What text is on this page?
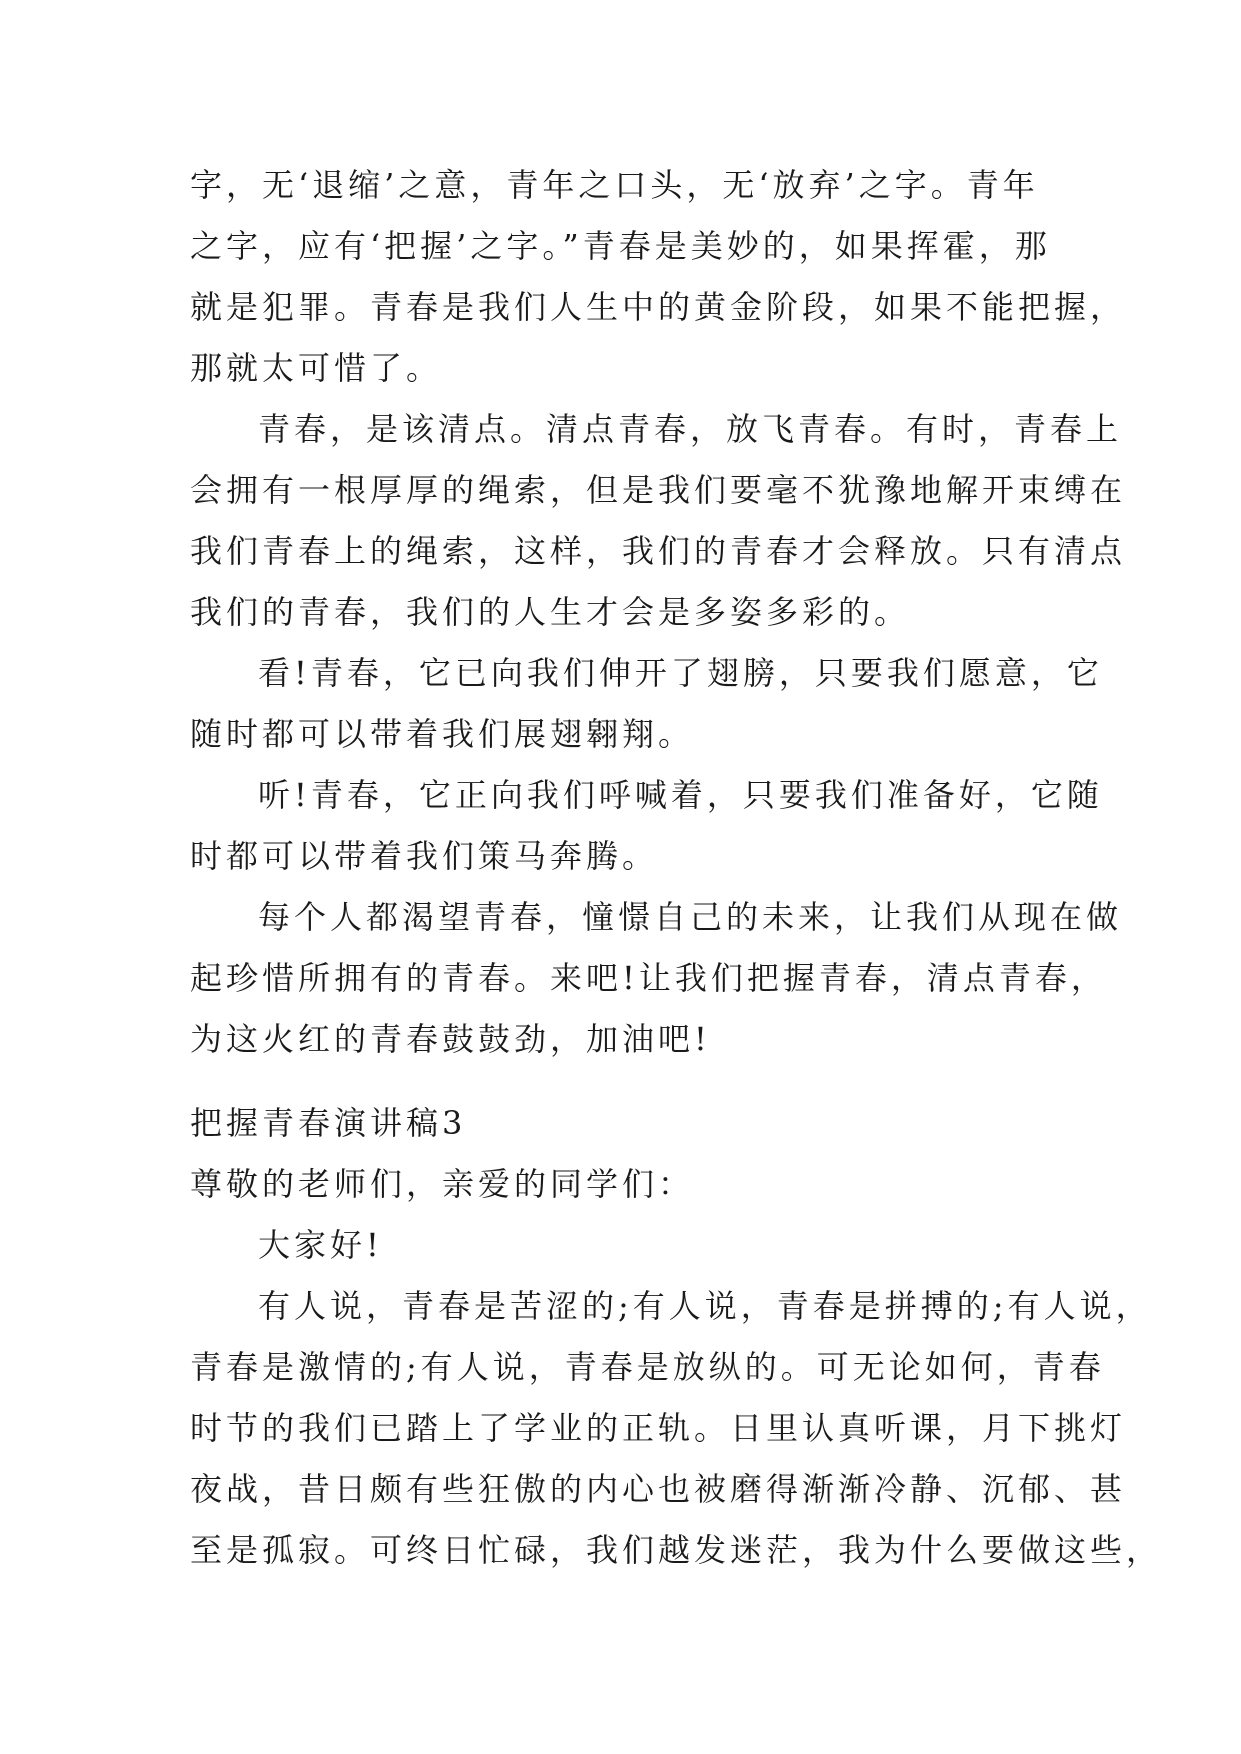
字，无‘退缩’之意，青年之口头，无‘放弃’之字。青年
之字，应有‘把握’之字。”青春是美妙的，如果挥霍，那
就是犯罪。青春是我们人生中的黄金阶段，如果不能把握，
那就太可惜了。
青春，是该清点。清点青春，放飞青春。有时，青春上
会拥有一根厚厚的绳索，但是我们要毫不犹豫地解开束缚在
我们青春上的绳索，这样，我们的青春才会释放。只有清点
我们的青春，我们的人生才会是多姿多彩的。
看!青春，它已向我们伸开了翅膀，只要我们愿意，它
随时都可以带着我们展翅翱翔。
听!青春，它正向我们呼喊着，只要我们准备好，它随
时都可以带着我们策马奔腾。
每个人都渴望青春，憧憬自己的未来，让我们从现在做
起珍惜所拥有的青春。来吧!让我们把握青春，清点青春，
为这火红的青春鼓鼓劲，加油吧!
把握青春演讲稿3
尊敬的老师们，亲爱的同学们：
大家好!
有人说，青春是苦涩的;有人说，青春是拼搏的;有人说，
青春是激情的;有人说，青春是放纵的。可无论如何，青春
时节的我们已踏上了学业的正轨。日里认真听课，月下挑灯
夜战，昔日颇有些狂傲的内心也被磨得渐渐冷静、沉郁、甚
至是孤寂。可终日忙碌，我们越发迷茫，我为什么要做这些，
